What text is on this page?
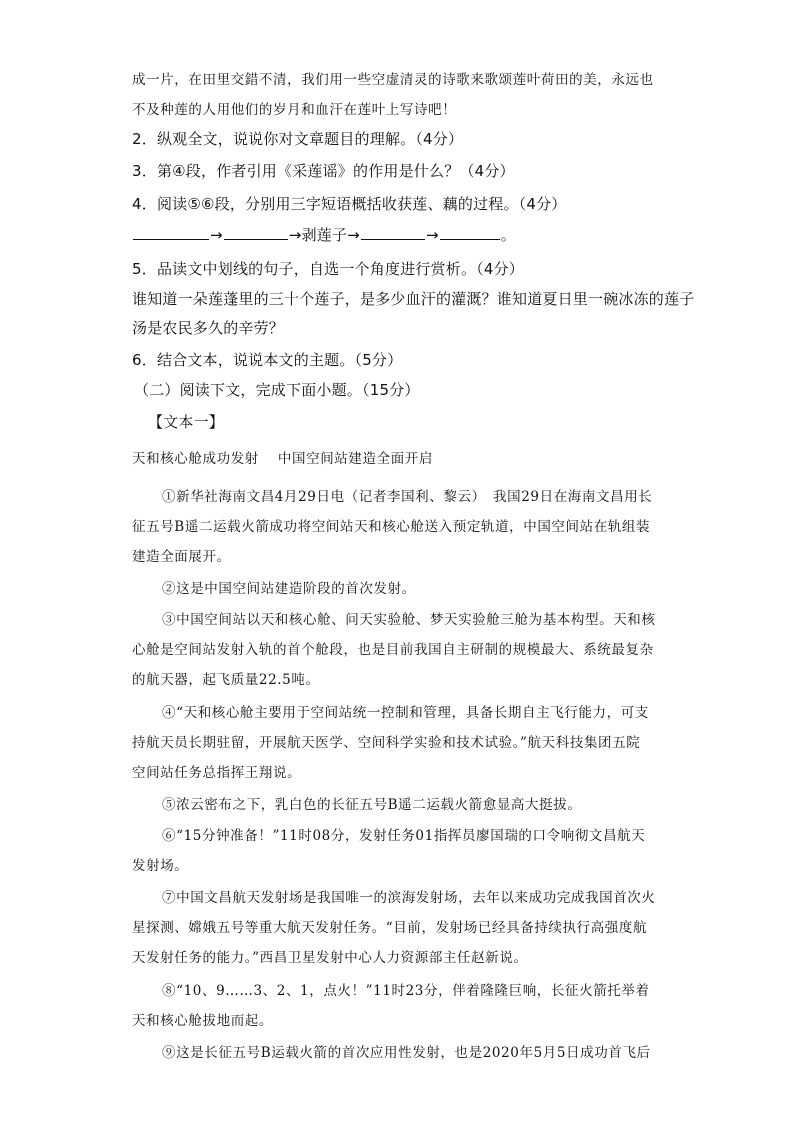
成一片，在田里交錯不清，我们用一些空虚清灵的诗歌来歌颂莲叶荷田的美，永远也
不及种莲的人用他们的岁月和血汗在莲叶上写诗吧！
2．纵观全文，说说你对文章题目的理解。（4分）
3．第④段，作者引用《采莲谣》的作用是什么？（4分）
4．阅读⑤⑥段，分别用三字短语概括收获莲、藕的过程。（4分）
→	→剥莲子→	→	。
5．品读文中划线的句子，自选一个角度进行赏析。（4分）
谁知道一朵莲蓬里的三十个莲子，是多少血汗的灌溉？谁知道夏日里一碗冰冻的莲子
汤是农民多久的辛劳？
6．结合文本，说说本文的主题。（5分）
（二）阅读下文，完成下面小题。（15分）
【文本一】
天和核心舱成功发射　 中国空间站建造全面开启
①新华社海南文昌4月29日电（记者李国利、黎云）　我国29日在海南文昌用长
征五号B遥二运载火箭成功将空间站天和核心舱送入预定轨道，中国空间站在轨组装
建造全面展开。
②这是中国空间站建造阶段的首次发射。
③中国空间站以天和核心舱、问天实验舱、梦天实验舱三舱为基本构型。天和核
心舱是空间站发射入轨的首个舱段，也是目前我国自主研制的规模最大、系统最复杂
的航天器，起飞质量22.5吨。
④“天和核心舱主要用于空间站统一控制和管理，具备长期自主飞行能力，可支
持航天员长期驻留，开展航天医学、空间科学实验和技术试验。”航天科技集团五院
空间站任务总指挥王翔说。
⑤浓云密布之下，乳白色的长征五号B遥二运载火箭愈显高大挺拔。
⑥“15分钟准备！”11时08分，发射任务01指挥员廖国瑞的口令响彻文昌航天
发射场。
⑦中国文昌航天发射场是我国唯一的滨海发射场，去年以来成功完成我国首次火
星探测、嫦娥五号等重大航天发射任务。“目前，发射场已经具备持续执行高强度航
天发射任务的能力。”西昌卫星发射中心人力资源部主任赵新说。
⑧“10、9……3、2、1，点火！”11时23分，伴着隆隆巨响，长征火箭托举着
天和核心舱拔地而起。
⑨这是长征五号B运载火箭的首次应用性发射，也是2020年5月5日成功首飞后
